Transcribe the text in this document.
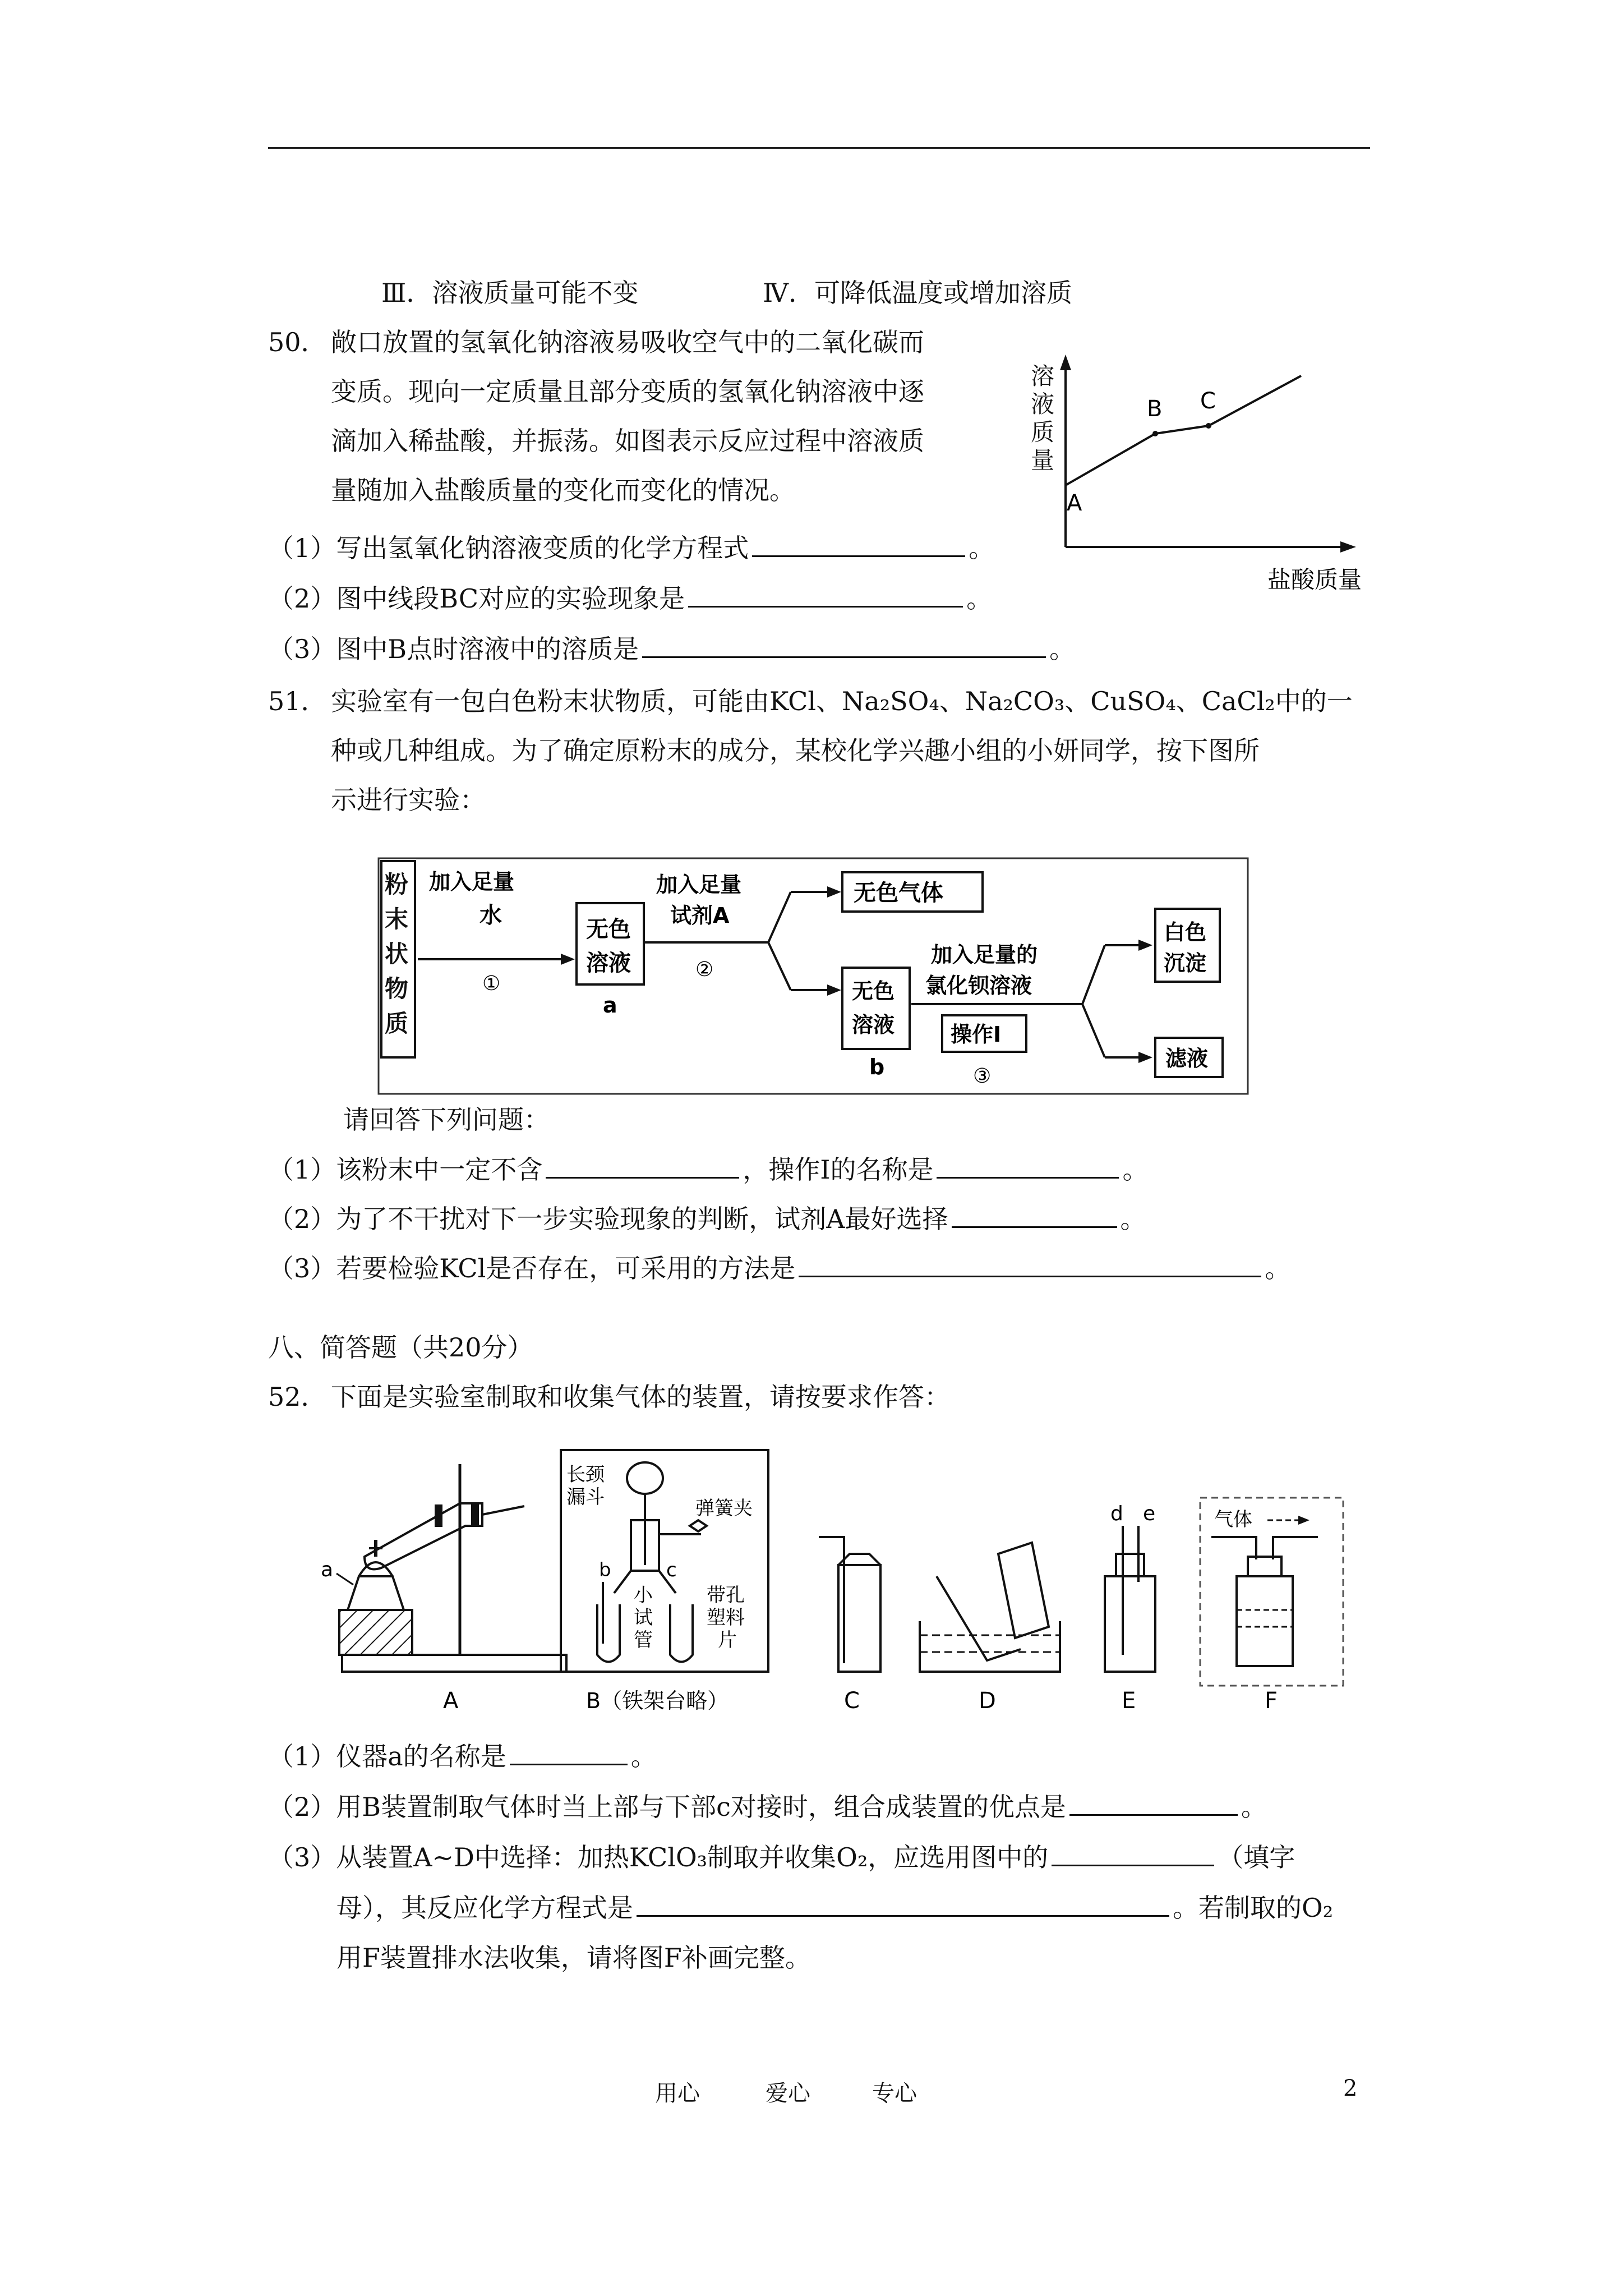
Ⅲ．溶液质量可能不变	Ⅳ．可降低温度或增加溶质
50． 敞口放置的氢氧化钠溶液易吸收空气中的二氧化碳而
变质。现向一定质量且部分变质的氢氧化钠溶液中逐
滴加入稀盐酸，并振荡。如图表示反应过程中溶液质
量随加入盐酸质量的变化而变化的情况。	A
B C
盐酸质量
溶液质量
（1）写出氢氧化钠溶液变质的化学方程式	。
（2）图中线段BC对应的实验现象是	。
（3）图中B点时溶液中的溶质是	。
51． 实验室有一包白色粉末状物质，可能由KCl、Na₂SO₄、Na₂CO₃、CuSO₄、CaCl₂中的一
种或几种组成。为了确定原粉末的成分，某校化学兴趣小组的小妍同学，按下图所
示进行实验：
加入足量
水
①
无色
溶液
a
加入足量
试剂A
②
无色气体
无色
溶液
b
加入足量的
氯化钡溶液
操作Ⅰ
③
白色
沉淀
滤液
粉末状物质
请回答下列问题：
（1）该粉末中一定不含	，操作Ⅰ的名称是	。
（2）为了不干扰对下一步实验现象的判断，试剂A最好选择	。
（3）若要检验KCl是否存在，可采用的方法是	。
八、简答题（共20分）
52． 下面是实验室制取和收集气体的装置，请按要求作答：
a
A
长颈
漏斗	弹簧夹
b	c
小
试
管
带孔
塑料
片
B（铁架台略）	C	D
d e
E
气体
F
（1）仪器a的名称是	。
（2）用B装置制取气体时当上部与下部c对接时，组合成装置的优点是	。
（3）从装置A~D中选择：加热KClO₃制取并收集O₂，应选用图中的	（填字
母），其反应化学方程式是	。若制取的O₂
用F装置排水法收集，请将图F补画完整。
用心	爱心	专心	2
